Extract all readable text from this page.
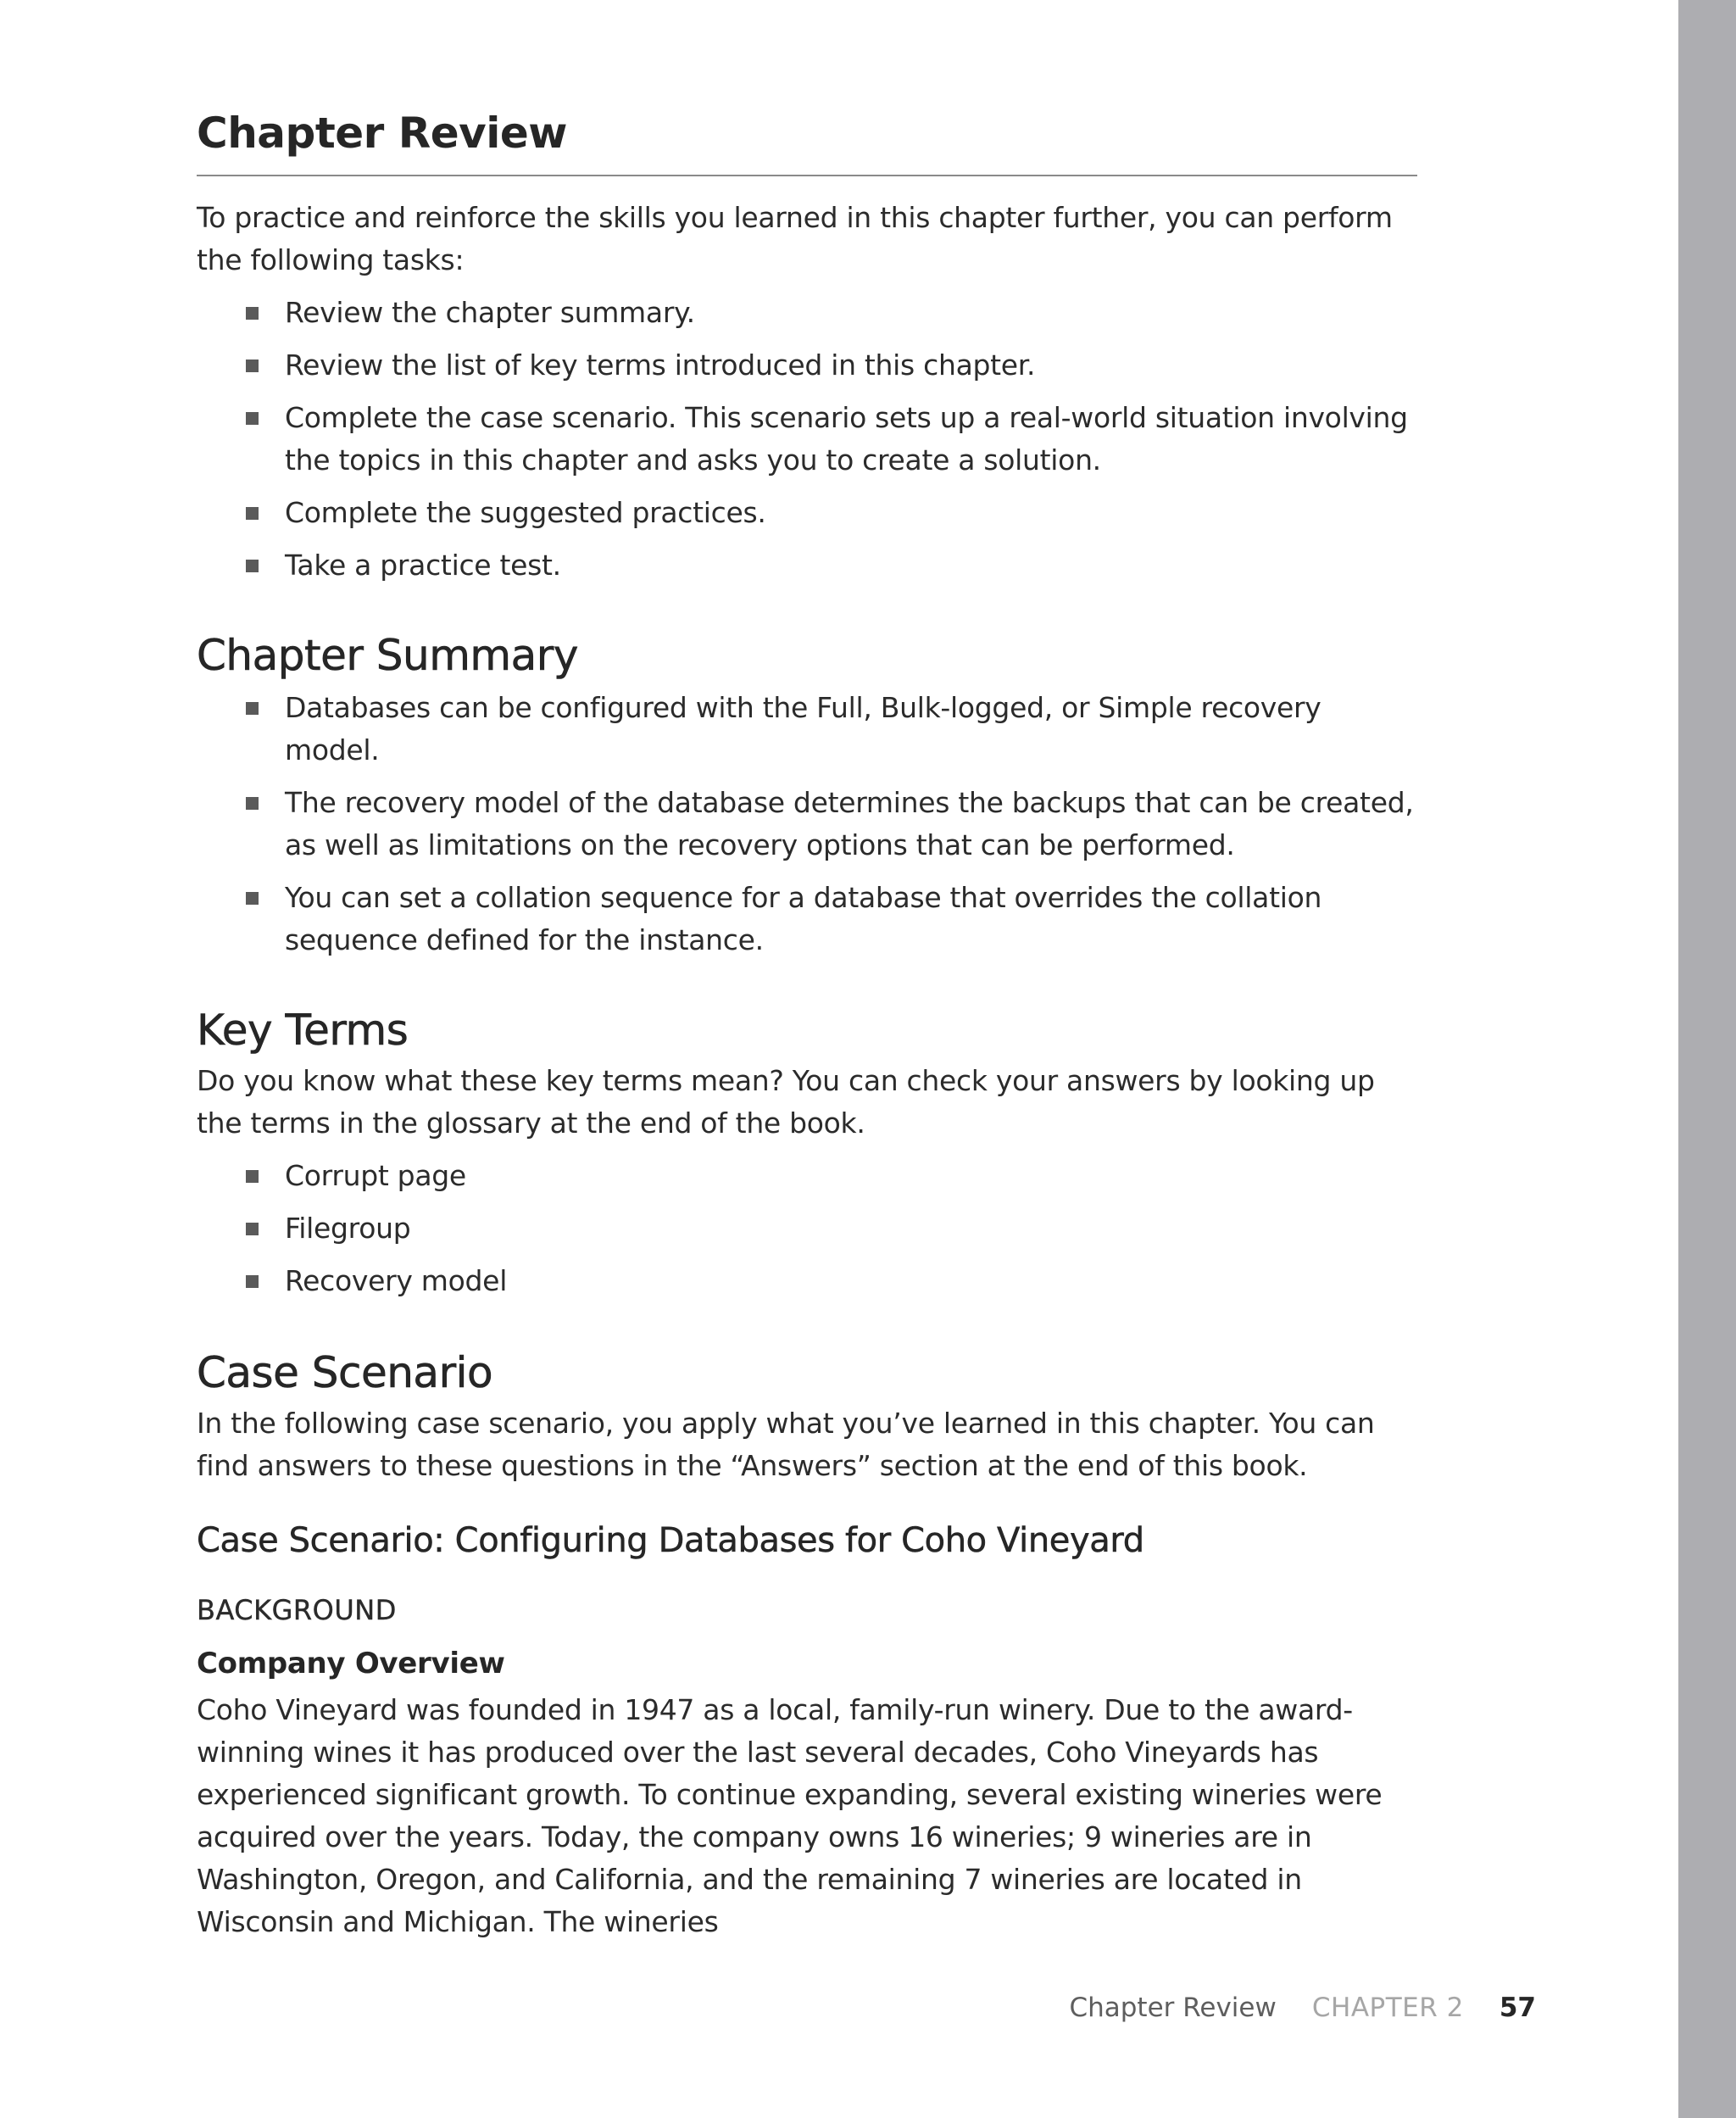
Chapter Review

To practice and reinforce the skills you learned in this chapter further, you can perform the following tasks:

Review the chapter summary.
Review the list of key terms introduced in this chapter.
Complete the case scenario. This scenario sets up a real-world situation involving the topics in this chapter and asks you to create a solution.
Complete the suggested practices.
Take a practice test.
Chapter Summary
Databases can be configured with the Full, Bulk-logged, or Simple recovery model.
The recovery model of the database determines the backups that can be created, as well as limitations on the recovery options that can be performed.
You can set a collation sequence for a database that overrides the collation sequence defined for the instance.
Key Terms

Do you know what these key terms mean? You can check your answers by looking up the terms in the glossary at the end of the book.

Corrupt page
Filegroup
Recovery model
Case Scenario

In the following case scenario, you apply what you’ve learned in this chapter. You can find answers to these questions in the “Answers” section at the end of this book.

Case Scenario: Configuring Databases for Coho Vineyard

BACKGROUND

Company Overview

Coho Vineyard was founded in 1947 as a local, family-run winery. Due to the award-winning wines it has produced over the last several decades, Coho Vineyards has experienced significant growth. To continue expanding, several existing wineries were acquired over the years. Today, the company owns 16 wineries; 9 wineries are in Washington, Oregon, and California, and the remaining 7 wineries are located in Wisconsin and Michigan. The wineries

Chapter Review CHAPTER 2 57
